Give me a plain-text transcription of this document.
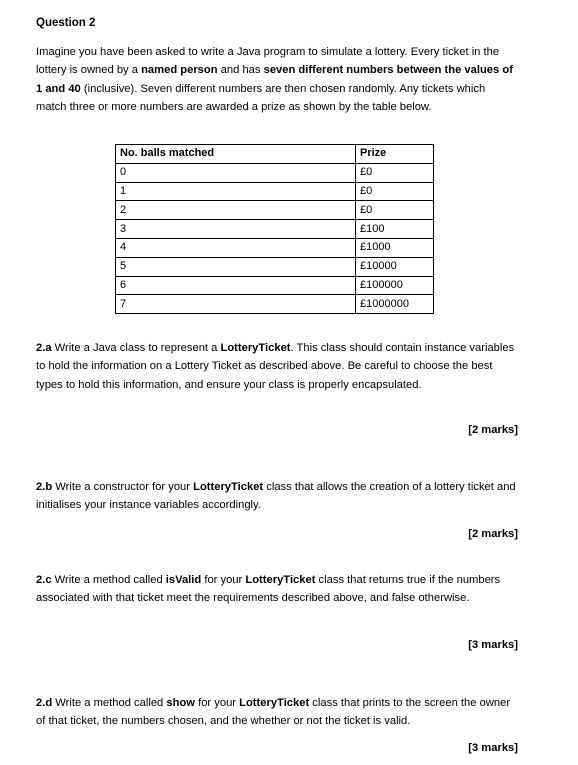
Question 2
Imagine you have been asked to write a Java program to simulate a lottery. Every ticket in the lottery is owned by a named person and has seven different numbers between the values of 1 and 40 (inclusive). Seven different numbers are then chosen randomly. Any tickets which match three or more numbers are awarded a prize as shown by the table below.
No. balls matched	Prize
0	£0
1	£0
2	£0
3	£100
4	£1000
5	£10000
6	£100000
7	£1000000
2.a Write a Java class to represent a LotteryTicket. This class should contain instance variables to hold the information on a Lottery Ticket as described above. Be careful to choose the best types to hold this information, and ensure your class is properly encapsulated.
[2 marks]
2.b Write a constructor for your LotteryTicket class that allows the creation of a lottery ticket and initialises your instance variables accordingly.
[2 marks]
2.c Write a method called isValid for your LotteryTicket class that returns true if the numbers associated with that ticket meet the requirements described above, and false otherwise.
[3 marks]
2.d Write a method called show for your LotteryTicket class that prints to the screen the owner of that ticket, the numbers chosen, and the whether or not the ticket is valid.
[3 marks]
